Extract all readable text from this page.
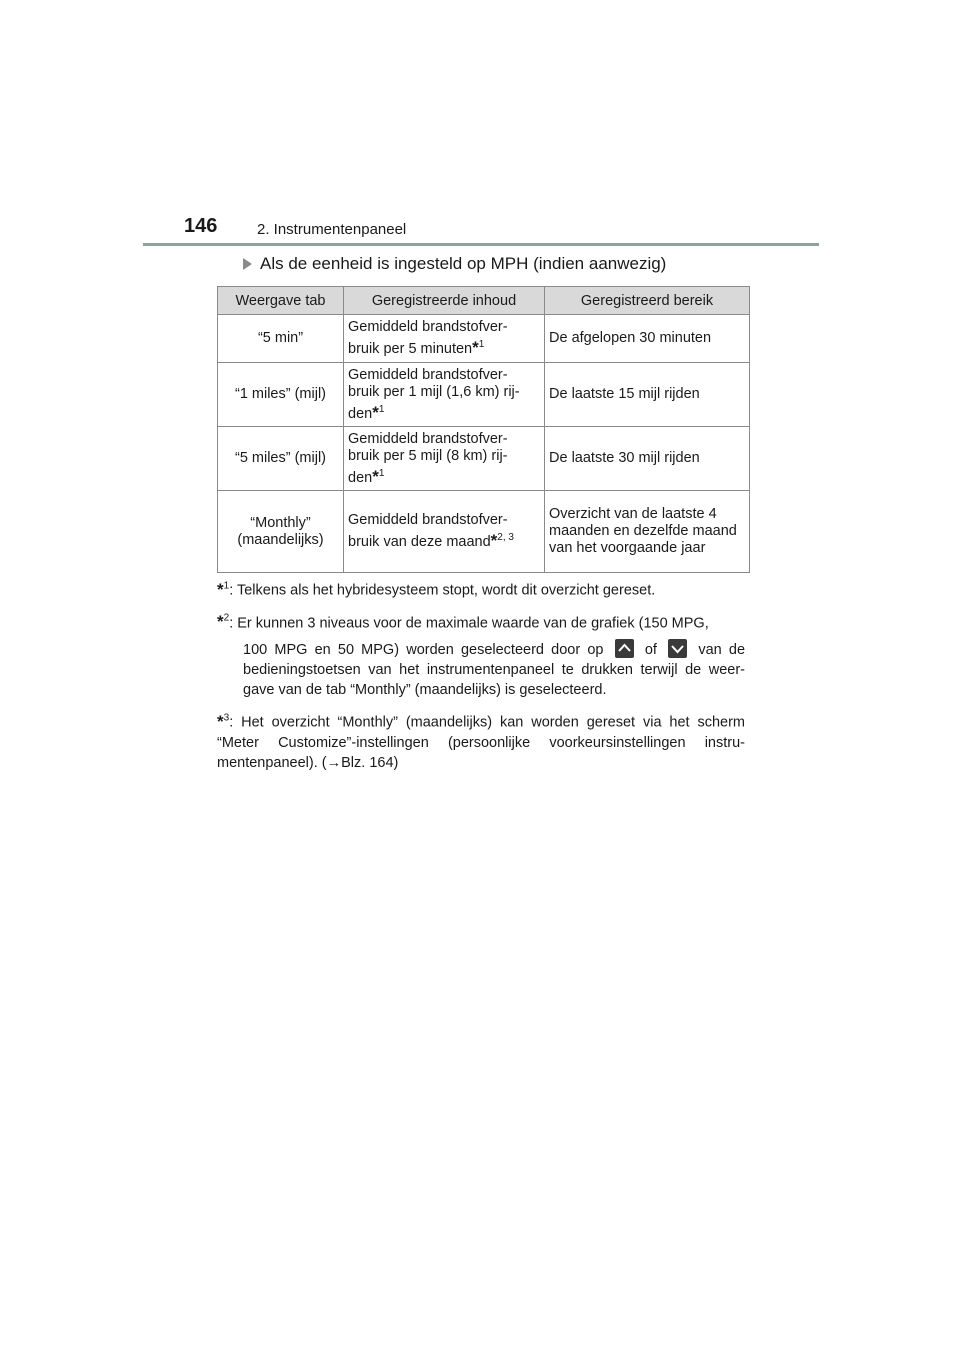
146	2. Instrumentenpaneel
Als de eenheid is ingesteld op MPH (indien aanwezig)
Weergave tab	Geregistreerde inhoud	Geregistreerd bereik
“5 min”	Gemiddeld brandstofver- bruik per 5 minuten*$^1$	De afgelopen 30 minuten
“1 miles” (mijl)	Gemiddeld brandstofver- bruik per 1 mijl (1,6 km) rij- den*$^1$	De laatste 15 mijl rijden
“5 miles” (mijl)	Gemiddeld brandstofver- bruik per 5 mijl (8 km) rij- den*$^1$	De laatste 30 mijl rijden
“Monthly” (maandelijks)	Gemiddeld brandstofver- bruik van deze maand*$^{2, 3}$	Overzicht van de laatste 4 maanden en dezelfde maand van het voorgaande jaar

*$^1$: Telkens als het hybridesysteem stopt, wordt dit overzicht gereset.

*$^2$: Er kunnen 3 niveaus voor de maximale waarde van de grafiek (150 MPG,

100 MPG en 50 MPG) worden geselecteerd door op	of	van de bedieningstoetsen van het instrumentenpaneel te drukken terwijl de weer- gave van de tab “Monthly” (maandelijks) is geselecteerd.

*$^3$: Het overzicht “Monthly” (maandelijks) kan worden gereset via het scherm “Meter Customize”-instellingen (persoonlijke voorkeursinstellingen instru- mentenpaneel). (→Blz. 164)
